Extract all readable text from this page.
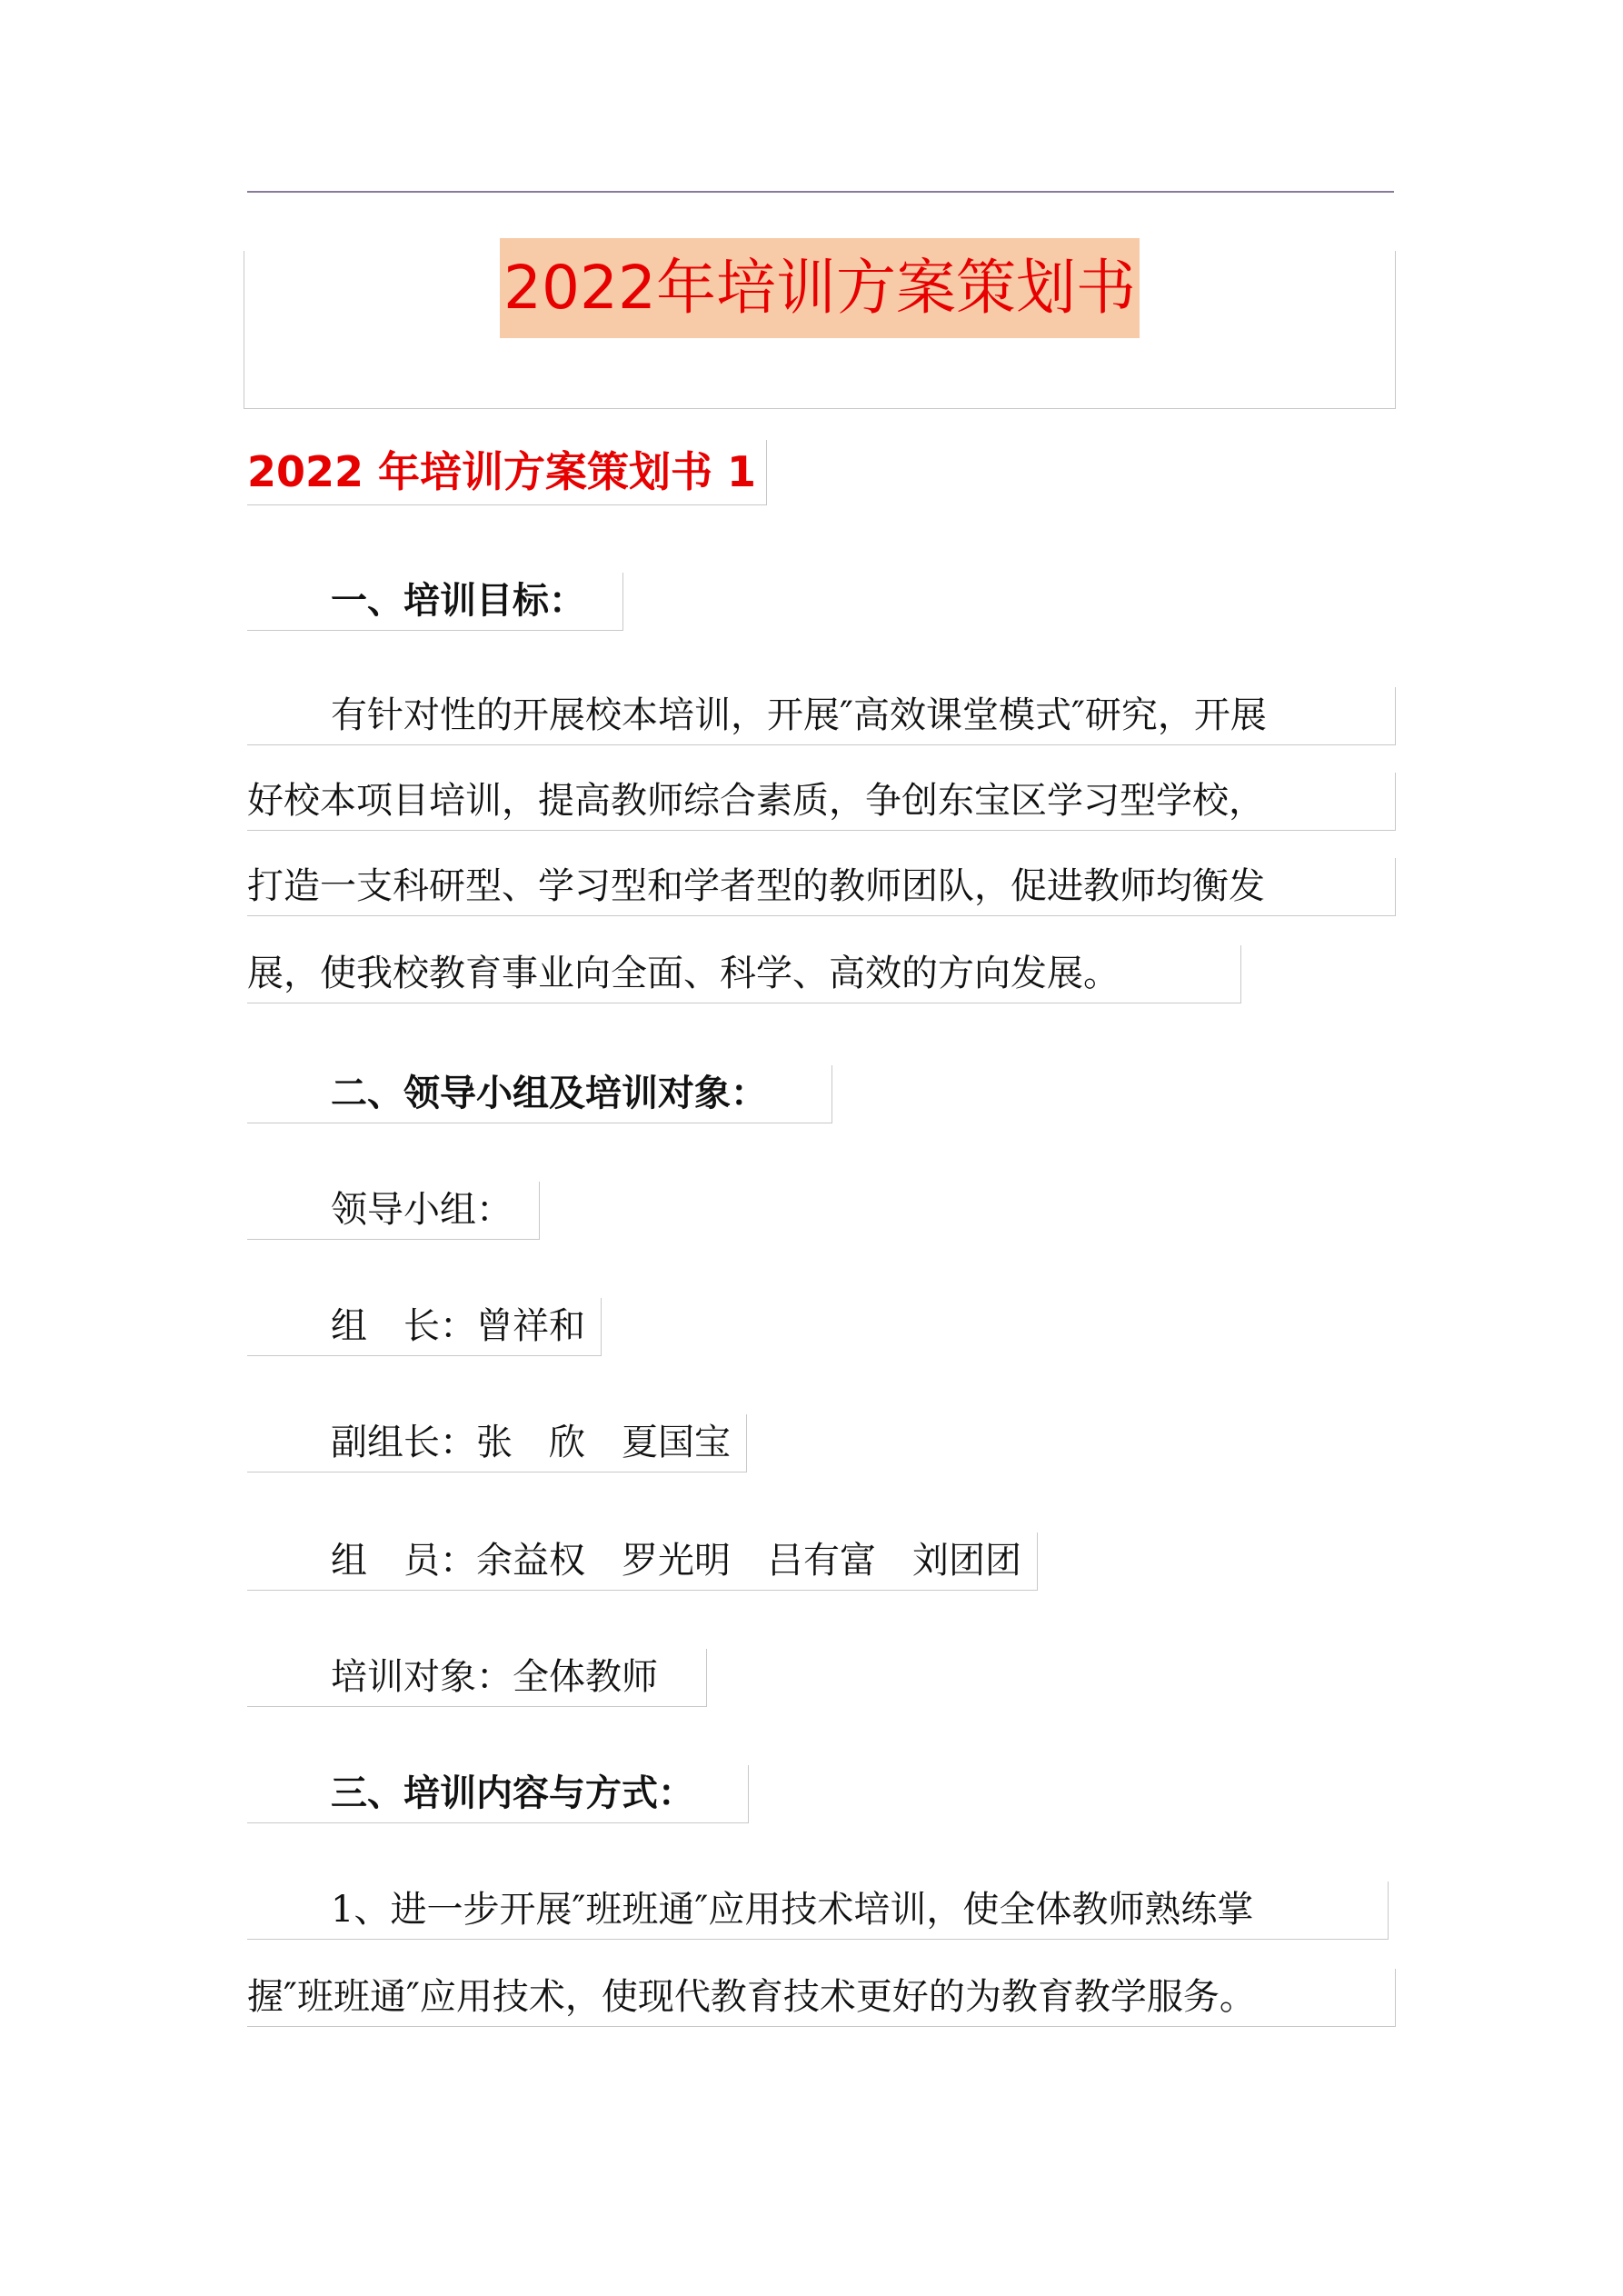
2022年培训方案策划书
2022 年培训方案策划书 1
一、培训目标：
有针对性的开展校本培训，开展″高效课堂模式″研究，开展
好校本项目培训，提高教师综合素质，争创东宝区学习型学校，
打造一支科研型、学习型和学者型的教师团队，促进教师均衡发
展，使我校教育事业向全面、科学、高效的方向发展。
二、领导小组及培训对象：
领导小组：
组　长：曾祥和
副组长：张　欣　夏国宝
组　员：余益权　罗光明　吕有富　刘团团
培训对象：全体教师
三、培训内容与方式：
1、进一步开展″班班通″应用技术培训，使全体教师熟练掌
握″班班通″应用技术，使现代教育技术更好的为教育教学服务。
